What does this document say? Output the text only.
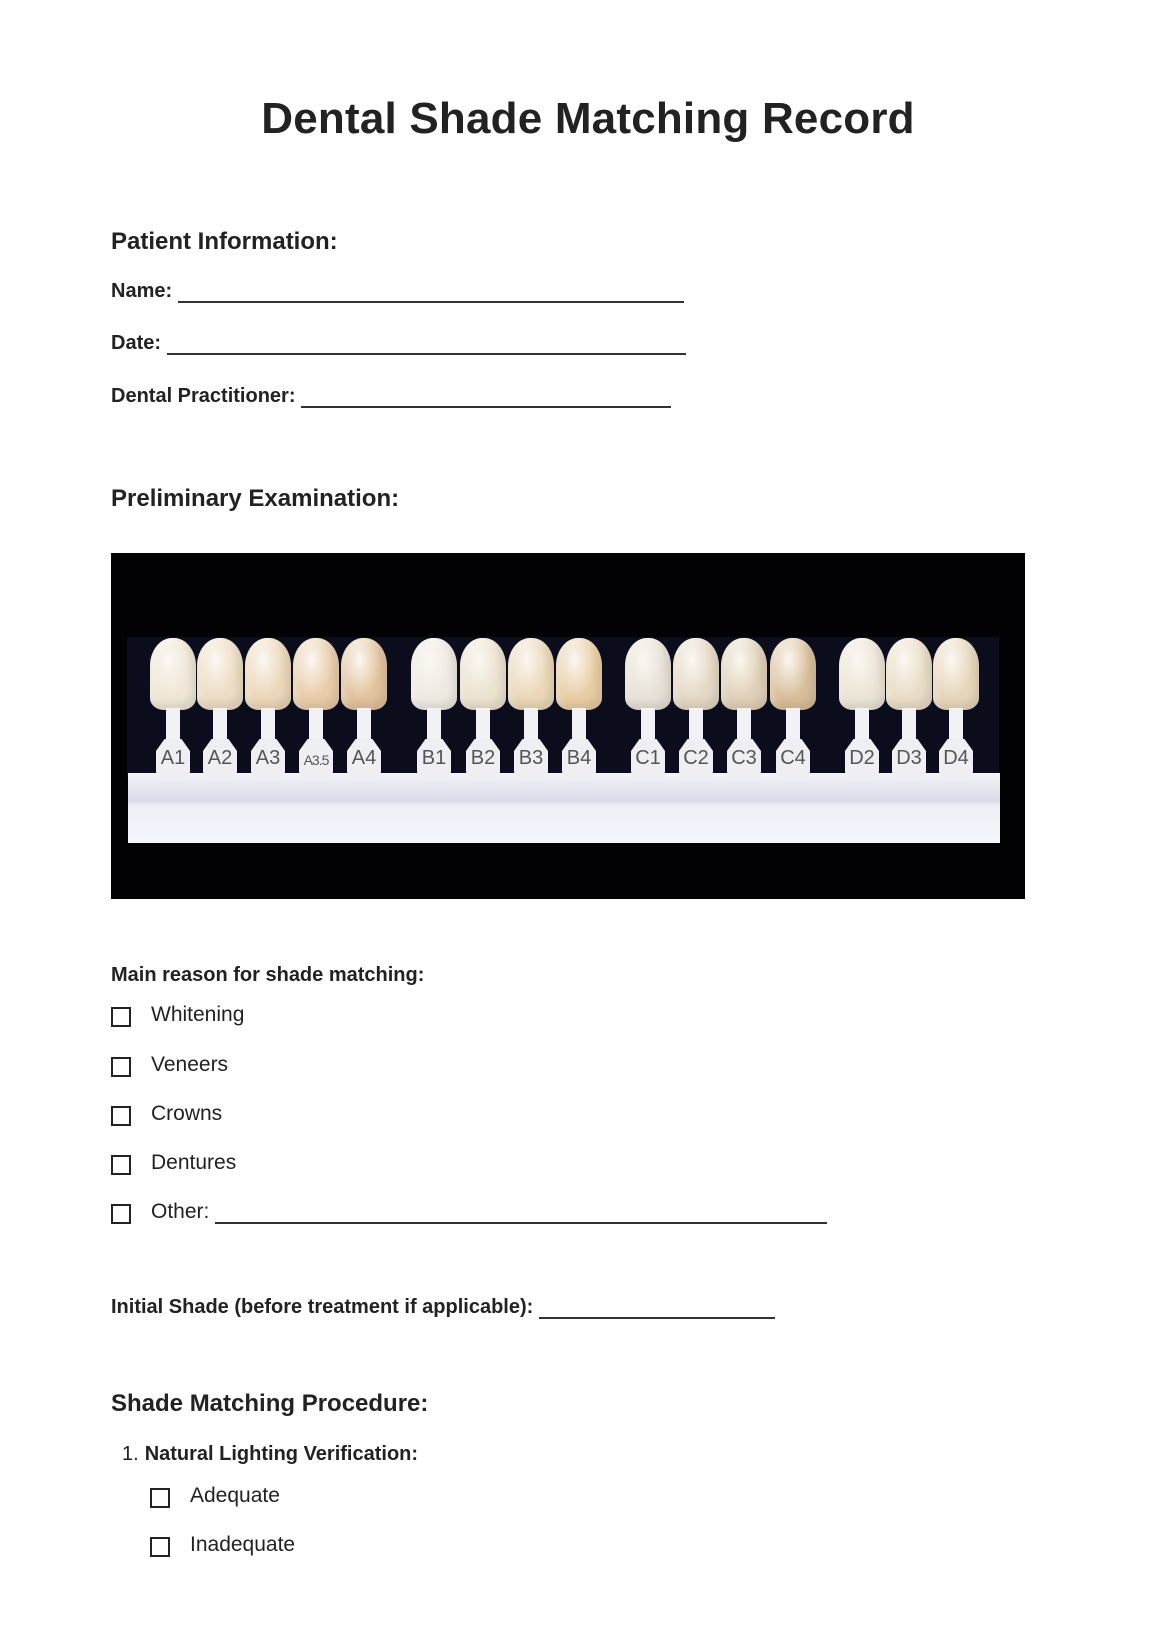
Dental Shade Matching Record
Patient Information:
Name:
Date:
Dental Practitioner:
Preliminary Examination:
A1	A2	A3	A3.5	A4	B1	B2	B3	B4	C1	C2	C3	C4	D2	D3	D4
Main reason for shade matching:
Whitening
Veneers
Crowns
Dentures
Other:
Initial Shade (before treatment if applicable):
Shade Matching Procedure:
1. Natural Lighting Verification:
Adequate
Inadequate
